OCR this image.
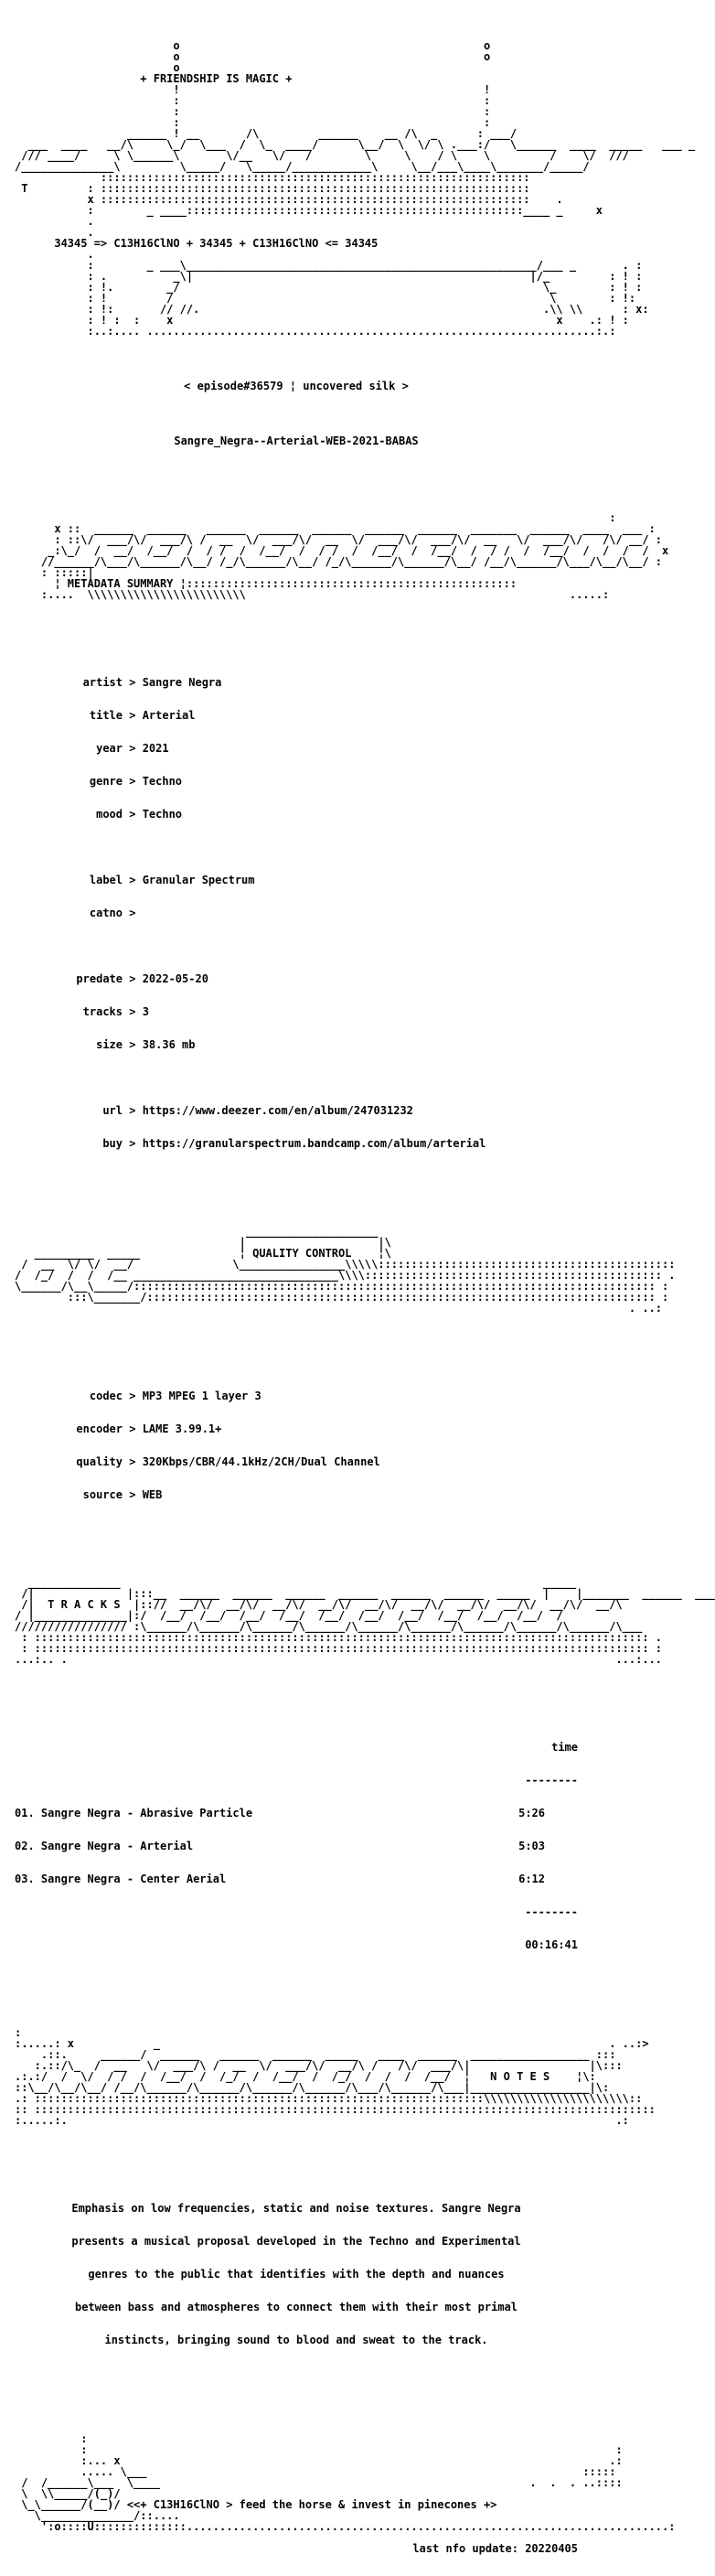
o                                              o
o                                              o
o
+ FRIENDSHIP IS MAGIC +
!                                              !
:                                              :
:                                              :
:                                              :
______ ! __       /\         ______    __ /\  _      : ___/
___  ____   __/\     \_/  \___  /  \_  ____/      \__/  \  \/ \ .___:/   \______  ____  _____   ___ _
/// ____/     \ \______\       \/__   \/   /        \     \    / \    \         /    \/  ///
/______________\         \_____/   \_____/____________\     \__/___\____\_______/_____/
:::::::::::::::::::::::::::::::::::::::::::::::::::::::::::::::::
T         : :::::::::::::::::::::::::::::::::::::::::::::::::::::::::::::::::
x :::::::::::::::::::::::::::::::::::::::::::::::::::::::::::::::::    .
:        _ ____:::::::::::::::::::::::::::::::::::::::::::::::::::____ _     x
.
.

34345 => C13H16ClNO + 34345 + C13H16ClNO <= 34345
.
:        _ ___\_____________________________________________________/___ _       . :
: .          _\|                                                   |/_         : ! :
: !.        _/                                                       \_        : ! :
: !         /                                                         \        : !:
: !:       // //.                                                    .\\ \\      : x:
: ! :  :    x                                                          x    .: ! :
:..:.... ....................................................................:.:

< episode#36579 ¦ uncovered silk >

Sangre_Negra--Arterial-WEB-2021-BABAS

:
x ::  ______  ______   ______  ______  ______  ______  ______  _______  ______  ____  ___ :
: ::\/  ___/\/  ___/\ /  __  \/  ___/\/  __  \/  ___/\/  ___/\/  __   \/  ___/\/   /\/ __/ :
_:\_/  /  __/  /__/  /  / /  /  /__/  /  / /  /  /__/  /  /__/  /  / /  /  /__/  /  /  /  /  x
//______/\___/\______/\__/ /_/\______/\__/ /_/\______/\______/\__/ /__/\______/\___/\__/\__/ :
: :::::|
¦ METADATA SUMMARY ¦::::::::::::::::::::::::::::::::::::::::::::::::::
:....  \\\\\\\\\\\\\\\\\\\\\\\\                                                 .....:

artist > Sangre Negra

title > Arterial

year > 2021

genre > Techno

mood > Techno

label > Granular Spectrum

catno >

predate > 2022-05-20

tracks > 3

size > 38.36 mb

url > https://www.deezer.com/en/album/247031232

buy > https://granularspectrum.bandcamp.com/album/arterial

____________________
|                    |\

_________  _____               ¦ QUALITY CONTROL    ¦\
/  __  \/ \/  __/               \________________\\\\\:::::::::::::::::::::::::::::::::::::::::::::
/  /_/  /  /  /__ _______________________________\\\\::::::::::::::::::::::::::::::::::::::::::::: .
\______/\__\_____/::::::::::::::::::::::::::::::::::::::::::::::::::::::::::::::::::::::::::::::: :
:::\_______/::::::::::::::::::::::::::::::::::::::::::::::::::::::::::::::::::::::::::::: :
. ..:

codec > MP3 MPEG 1 layer 3

encoder > LAME 3.99.1+

quality > 320Kbps/CBR/44.1kHz/2CH/Dual Channel

source > WEB

______________                                                                _____
/|              |:::__  ______  ______  ______  ______  ______  ______  _____  |    |_______  ______  ___

/|  T R A C K S  |:://  __/\/  __/\/  __/\/  __/\/  __/\/  __/\/  __/\/  __/\/  __/\/  __/\
/ |______________|:/  /__/  /__/  /__/  /__/  /__/  /__/  /__/  /__/  /__/  /__/  /
///////////////// :\______/\______/\______/\______/\______/\______/\______/\______/\______/\___
: ::::::::::::::::::::::::::::::::::::::::::::::::::::::::::::::::::::::::::::::::::::::::::::: .
: ::::::::::::::::::::::::::::::::::::::::::::::::::::::::::::::::::::::::::::::::::::::::::::: :
...:.. .                                                                                   ...:...

time

--------

01. Sangre Negra - Abrasive Particle	5:26

02. Sangre Negra - Arterial	5:03

03. Sangre Negra - Center Aerial	6:12

--------

00:16:41

:
:.....: x            _                                                                    . ..:>
.::.     ______/  ______   ______  ______  _____   ____  ______  __________________ :::
:.::/\_  /  __   \/  ___/\ /  __  \/  ___/\/  __/\ /   /\/  ___/\|                  |\:::

.:.:/  /  \/  / /  /  /__/  /  /_/  /  /__/  /  /_/  /  /  /  /__/  ¦   N O T E S    ¦\:
::\__/\__/\__/ /__/\______/\______/\______/\______/\___/\______/\___|__________________|\:
.: ::::::::::::::::::::::::::::::::::::::::::::::::::::::::::::::::::::\\\\\\\\\\\\\\\\\\\\\\::
:: ::::::::::::::::::::::::::::::::::::::::::::::::::::::::::::::::::::::::::::::::::::::::::::::
:.....:.                                                                                   .:

Emphasis on low frequencies, static and noise textures. Sangre Negra

presents a musical proposal developed in the Techno and Experimental

genres to the public that identifies with the depth and nuances

between bass and atmospheres to connect them with their most primal

instincts, bringing sound to blood and sweat to the track.

:
:                                                                                :
:... x                                                                          .:
..... \___                                                                  :::::
/  /______\___  \____                                                        .  .  . ..::::
\  \\_____/(_)/
\_\______/(__)/ <<+ C13H16ClNO > feed the horse & invest in pinecones +>
\______________/::....
':o::::U::::::::::::::.........................................................................:

last nfo update: 20220405
